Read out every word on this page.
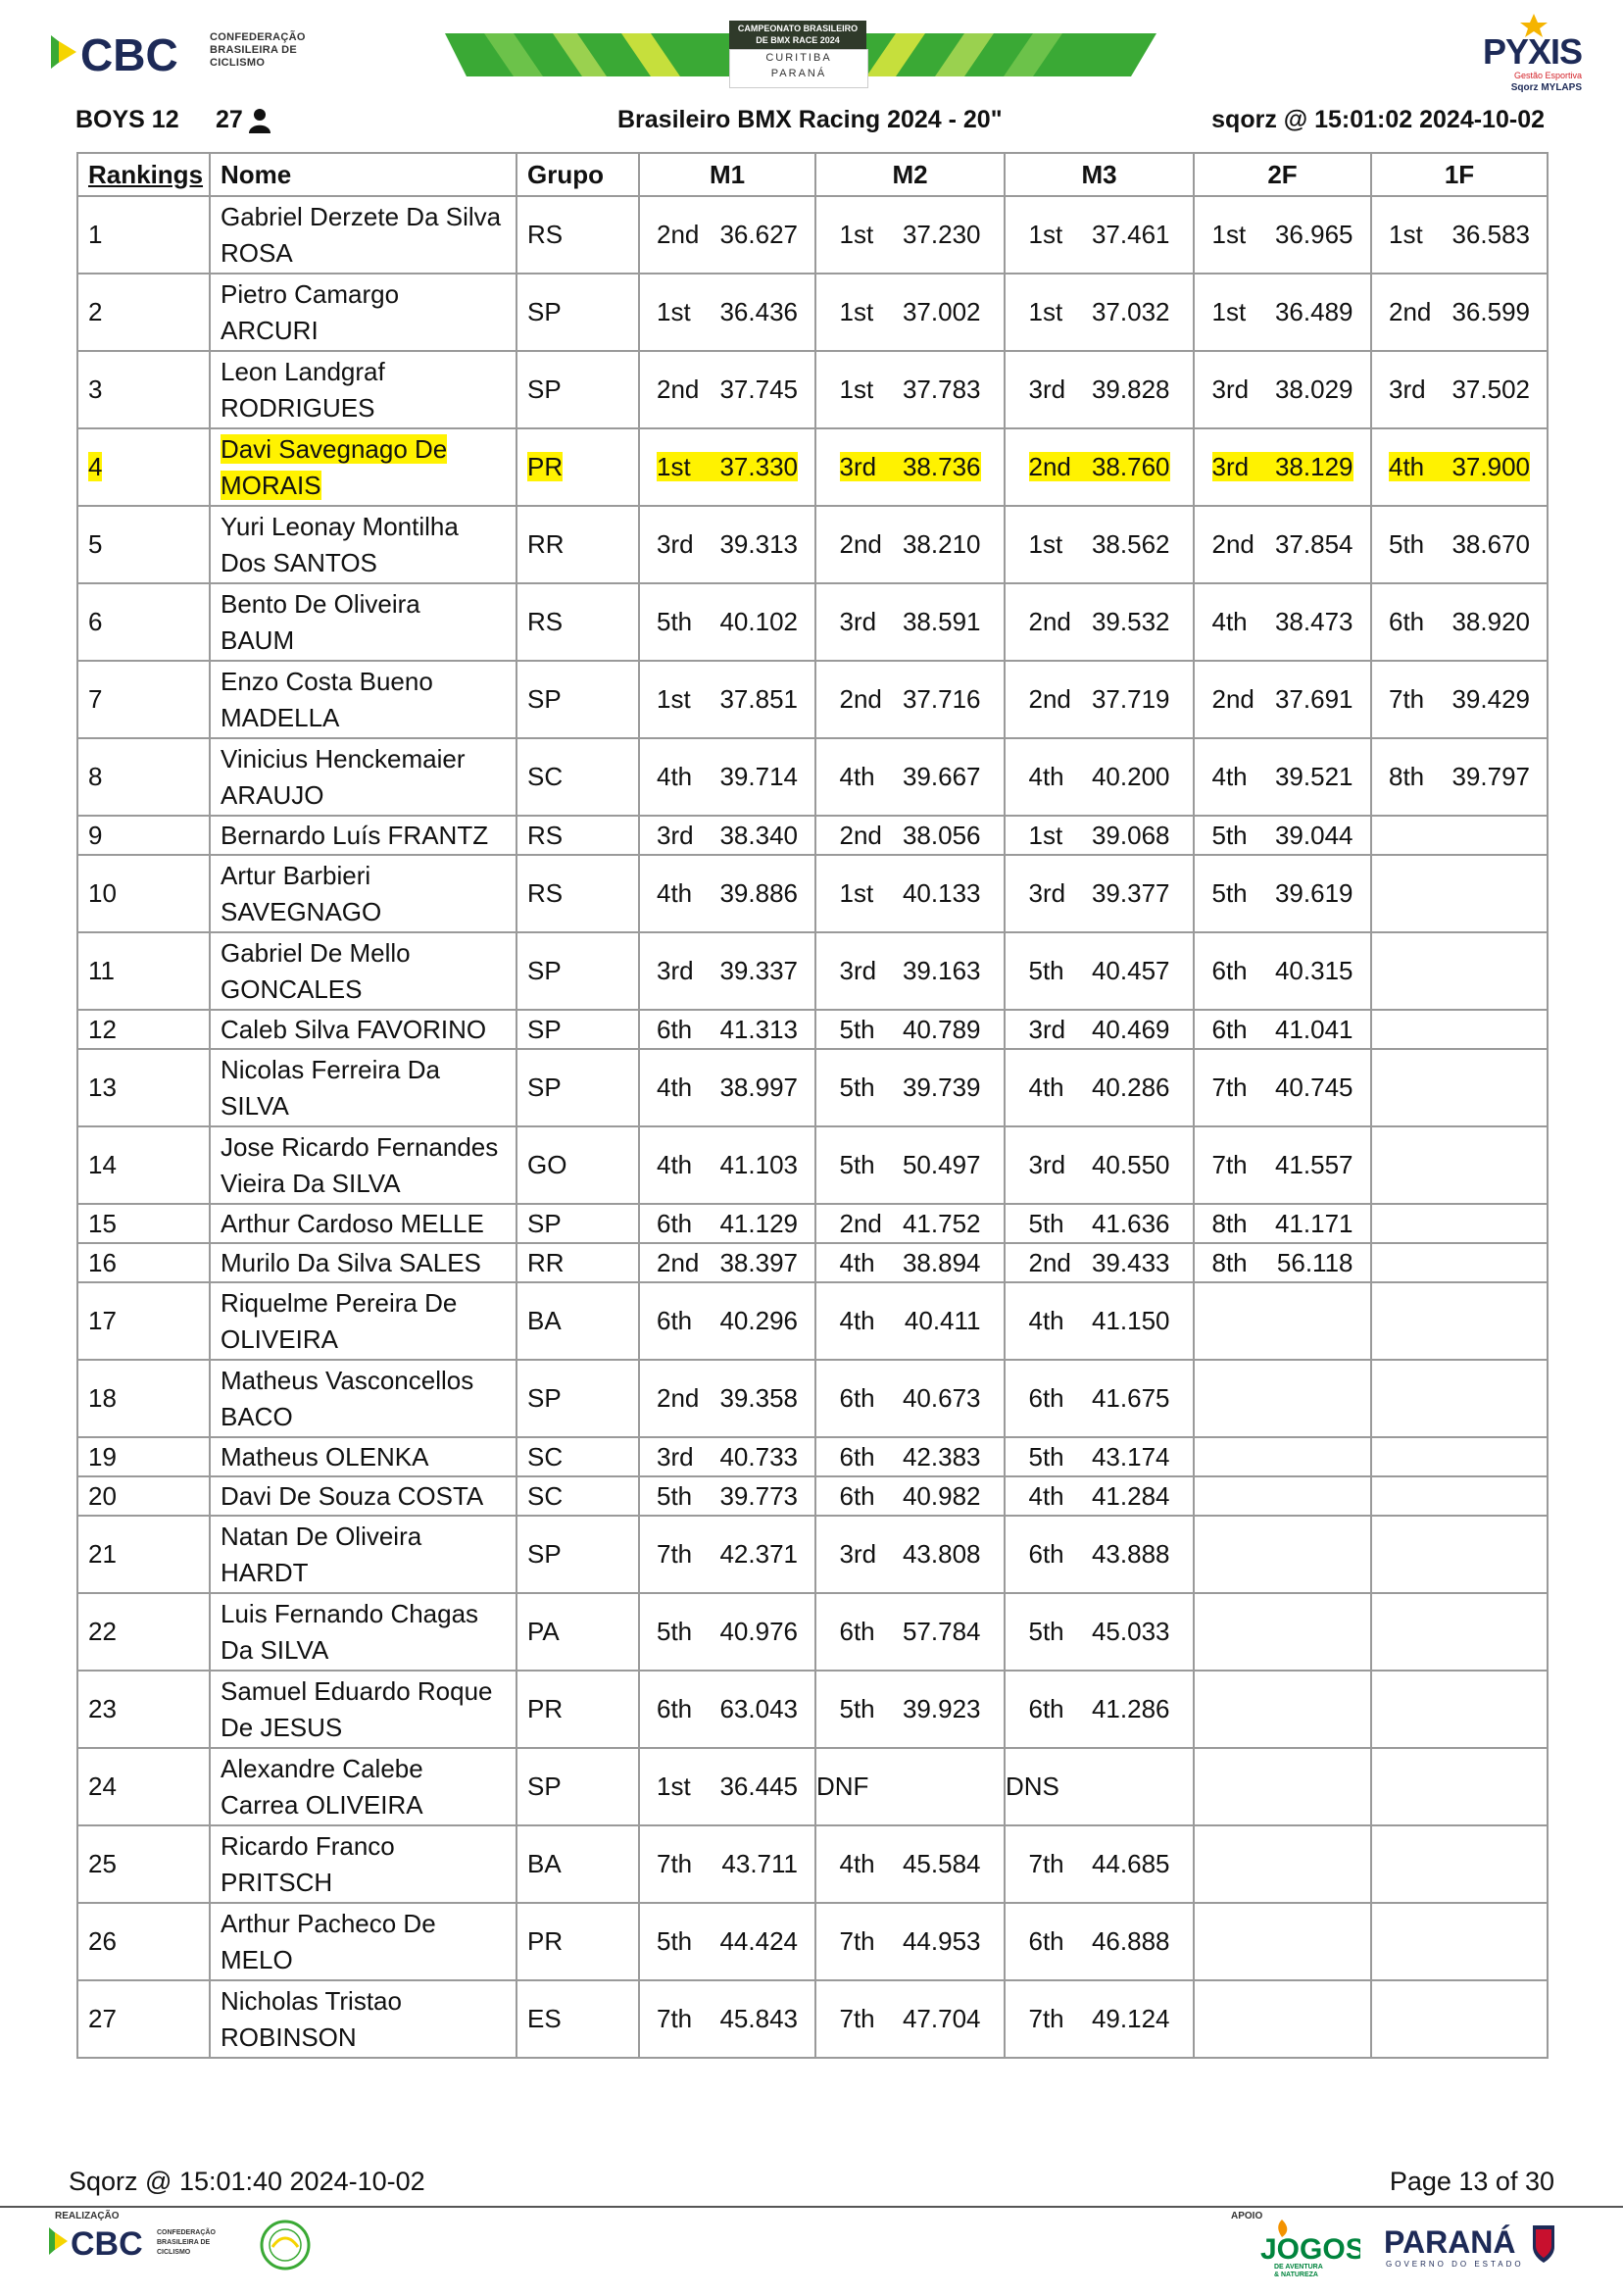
CBC	CONFEDERAÇÃO
BRASILEIRA DE
CICLISMO
CAMPEONATO BRASILEIRO
DE BMX RACE 2024
CURITIBA
PARANÁ
PYXIS
Gestão Esportiva
Sqorz MYLAPS
BOYS 12 27	Brasileiro BMX Racing 2024 - 20"	sqorz @ 15:01:02 2024-10-02
Rankings	Nome	Grupo	M1	M2	M3	2F	1F
1	Gabriel Derzete Da Silva
ROSA	RS	2nd 36.627	1st 37.230	1st 37.461	1st 36.965	1st 36.583
2	Pietro Camargo
ARCURI	SP	1st 36.436	1st 37.002	1st 37.032	1st 36.489	2nd 36.599
3	Leon Landgraf
RODRIGUES	SP	2nd 37.745	1st 37.783	3rd 39.828	3rd 38.029	3rd 37.502
4	Davi Savegnago De
MORAIS	PR	1st 37.330	3rd 38.736	2nd 38.760	3rd 38.129	4th 37.900
5	Yuri Leonay Montilha
Dos SANTOS	RR	3rd 39.313	2nd 38.210	1st 38.562	2nd 37.854	5th 38.670
6	Bento De Oliveira
BAUM	RS	5th 40.102	3rd 38.591	2nd 39.532	4th 38.473	6th 38.920
7	Enzo Costa Bueno
MADELLA	SP	1st 37.851	2nd 37.716	2nd 37.719	2nd 37.691	7th 39.429
8	Vinicius Henckemaier
ARAUJO	SC	4th 39.714	4th 39.667	4th 40.200	4th 39.521	8th 39.797
9	Bernardo Luís FRANTZ	RS	3rd 38.340	2nd 38.056	1st 39.068	5th 39.044	
10	Artur Barbieri
SAVEGNAGO	RS	4th 39.886	1st 40.133	3rd 39.377	5th 39.619	
11	Gabriel De Mello
GONCALES	SP	3rd 39.337	3rd 39.163	5th 40.457	6th 40.315	
12	Caleb Silva FAVORINO	SP	6th 41.313	5th 40.789	3rd 40.469	6th 41.041	
13	Nicolas Ferreira Da
SILVA	SP	4th 38.997	5th 39.739	4th 40.286	7th 40.745	
14	Jose Ricardo Fernandes
Vieira Da SILVA	GO	4th 41.103	5th 50.497	3rd 40.550	7th 41.557	
15	Arthur Cardoso MELLE	SP	6th 41.129	2nd 41.752	5th 41.636	8th 41.171	
16	Murilo Da Silva SALES	RR	2nd 38.397	4th 38.894	2nd 39.433	8th 56.118	
17	Riquelme Pereira De
OLIVEIRA	BA	6th 40.296	4th 40.411	4th 41.150		
18	Matheus Vasconcellos
BACO	SP	2nd 39.358	6th 40.673	6th 41.675		
19	Matheus OLENKA	SC	3rd 40.733	6th 42.383	5th 43.174		
20	Davi De Souza COSTA	SC	5th 39.773	6th 40.982	4th 41.284		
21	Natan De Oliveira
HARDT	SP	7th 42.371	3rd 43.808	6th 43.888		
22	Luis Fernando Chagas
Da SILVA	PA	5th 40.976	6th 57.784	5th 45.033		
23	Samuel Eduardo Roque
De JESUS	PR	6th 63.043	5th 39.923	6th 41.286		
24	Alexandre Calebe
Carrea OLIVEIRA	SP	1st 36.445	DNF	DNS		
25	Ricardo Franco
PRITSCH	BA	7th 43.711	4th 45.584	7th 44.685		
26	Arthur Pacheco De
MELO	PR	5th 44.424	7th 44.953	6th 46.888		
27	Nicholas Tristao
ROBINSON	ES	7th 45.843	7th 47.704	7th 49.124		
Sqorz @ 15:01:40 2024-10-02	Page 13 of 30
REALIZAÇÃO	APOIO
CBC CONFEDERAÇÃO
BRASILEIRA DE
CICLISMO	JOGOS
DE AVENTURA
& NATUREZA
PARANÁ
GOVERNO DO ESTADO
